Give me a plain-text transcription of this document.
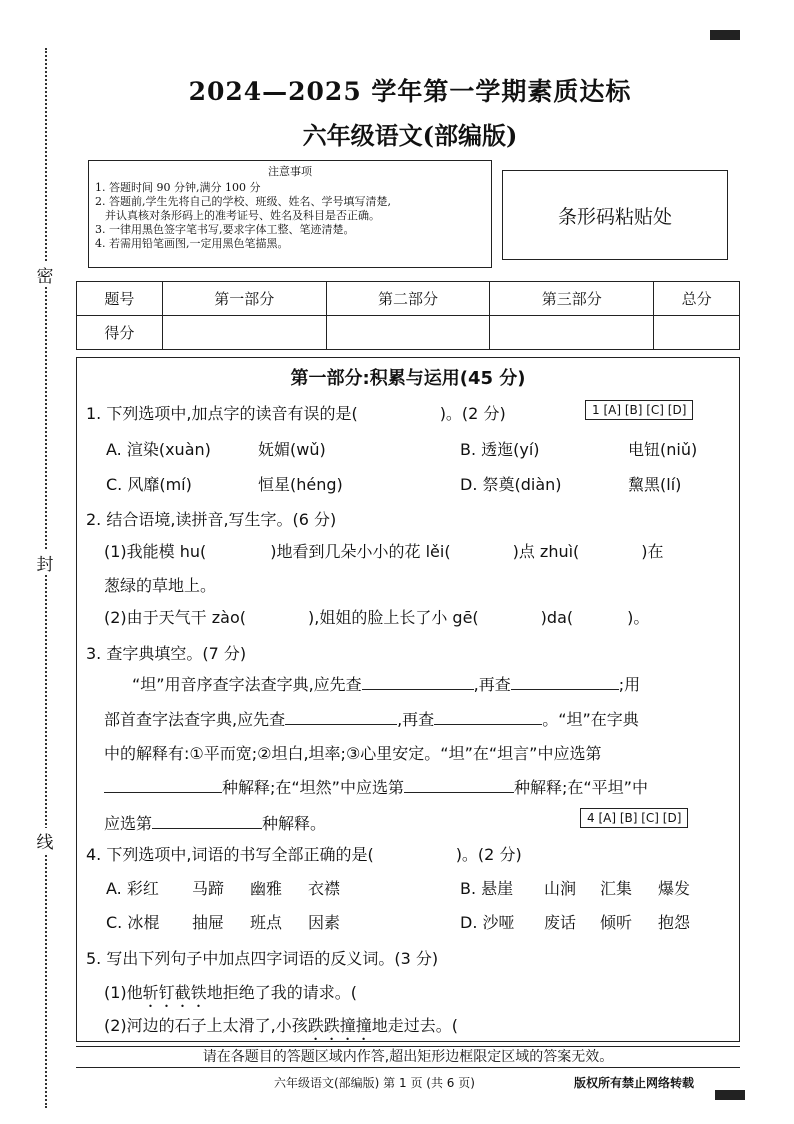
密
封
线
2024—2025 学年第一学期素质达标
六年级语文(部编版)
注意事项
1. 答题时间 90 分钟,满分 100 分
2. 答题前,学生先将自己的学校、班级、姓名、学号填写清楚,
并认真核对条形码上的准考证号、姓名及科目是否正确。
3. 一律用黑色签字笔书写,要求字体工整、笔迹清楚。
4. 若需用铅笔画图,一定用黑色笔描黑。
条形码粘贴处
题号	第一部分	第二部分	第三部分	总分
得分				
第一部分:积累与运用(45 分)
1. 下列选项中,加点字的读音有误的是(	)。(2 分)	1 [A] [B] [C] [D]
A. 渲染(xuàn)	妩媚(wǔ)	B. 透迤(yí)	电钮(niǔ)
C. 风靡(mí)	恒星(héng)	D. 祭奠(diàn)	黧黑(lí)
2. 结合语境,读拼音,写生字。(6 分)
(1)我能模 hu(	)地看到几朵小小的花 lěi(	)点 zhuì(	)在
葱绿的草地上。
(2)由于天气干 zào(	),姐姐的脸上长了小 gē(	)da(	)。
3. 查字典填空。(7 分)
“坦”用音序查字法查字典,应先查	,再查	;用
部首查字法查字典,应先查	,再查	。“坦”在字典
中的解释有:①平而宽;②坦白,坦率;③心里安定。“坦”在“坦言”中应选第
种解释;在“坦然”中应选第	种解释;在“平坦”中
应选第	种解释。	4 [A] [B] [C] [D]
4. 下列选项中,词语的书写全部正确的是(	)。(2 分)
A. 彩红 马蹄 幽雅 衣襟	B. 悬崖 山涧 汇集 爆发
C. 冰棍 抽屉 班点 因素	D. 沙哑 废话 倾听 抱怨
5. 写出下列句子中加点四字词语的反义词。(3 分)
(1)他斩钉截铁地拒绝了我的请求。(
(2)河边的石子上太滑了,小孩跌跌撞撞地走过去。(
请在各题目的答题区域内作答,超出矩形边框限定区域的答案无效。
六年级语文(部编版) 第 1 页 (共 6 页)	版权所有禁止网络转载
